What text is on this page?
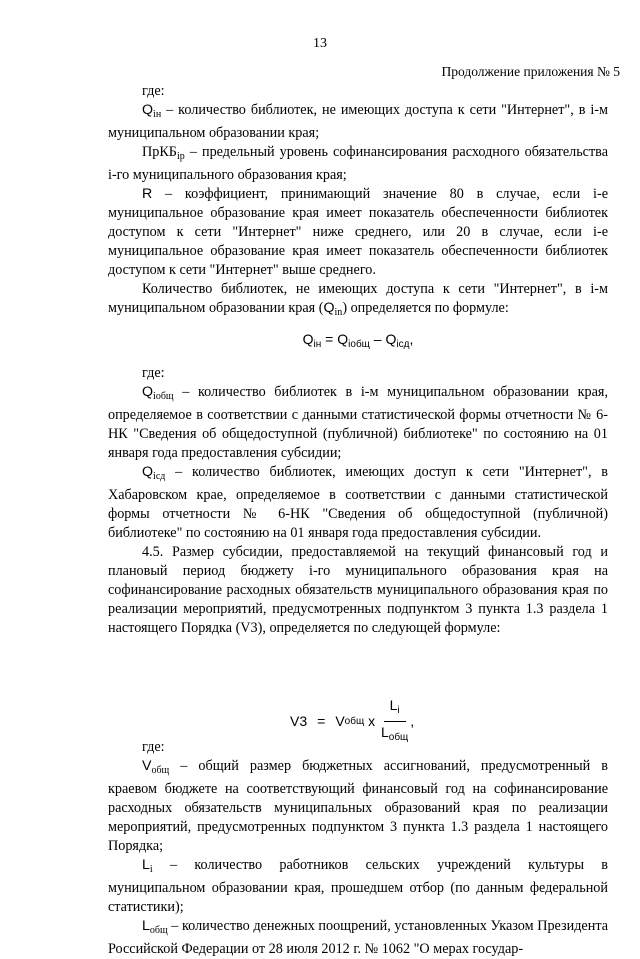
13
Продолжение приложения № 5

где:

$Q_{iн}$ – количество библиотек, не имеющих доступа к сети "Интернет", в i-м муниципальном образовании края;

ПрКБ$_{ip}$ – предельный уровень софинансирования расходного обязательства i-го муниципального образования края;

R – коэффициент, принимающий значение 80 в случае, если i-е муниципальное образование края имеет показатель обеспеченности библиотек доступом к сети "Интернет" ниже среднего, или 20 в случае, если i-е муниципальное образование края имеет показатель обеспеченности библиотек доступом к сети "Интернет" выше среднего.

Количество библиотек, не имеющих доступа к сети "Интернет", в i-м муниципальном образовании края $(Q_{in})$ определяется по формуле:

$Q_{iн} = Q_{iобщ} - Q_{iсд}$,

где:

$Q_{iобщ}$ – количество библиотек в i-м муниципальном образовании края, определяемое в соответствии с данными статистической формы отчетности № 6-НК "Сведения об общедоступной (публичной) библиотеке" по состоянию на 01 января года предоставления субсидии;

$Q_{iсд}$ – количество библиотек, имеющих доступ к сети "Интернет", в Хабаровском крае, определяемое в соответствии с данными статистической формы отчетности № 6-НК "Сведения об общедоступной (публичной) библиотеке" по состоянию на 01 января года предоставления субсидии.

4.5. Размер субсидии, предоставляемой на текущий финансовый год и плановый период бюджету i-го муниципального образования края на софинансирование расходных обязательств муниципального образования края по реализации мероприятий, предусмотренных подпунктом 3 пункта 1.3 раздела 1 настоящего Порядка (V3), определяется по следующей формуле:

V3 = V общ x $\frac{L_i}{L_{общ}}$ ,

где:

$V_{общ}$ – общий размер бюджетных ассигнований, предусмотренный в краевом бюджете на соответствующий финансовый год на софинансирование расходных обязательств муниципальных образований края по реализации мероприятий, предусмотренных подпунктом 3 пункта 1.3 раздела 1 настоящего Порядка;

$L_i$ – количество работников сельских учреждений культуры в муниципальном образовании края, прошедшем отбор (по данным федеральной статистики);

$L_{общ}$ – количество денежных поощрений, установленных Указом Президента Российской Федерации от 28 июля 2012 г. № 1062 "О мерах государ-
